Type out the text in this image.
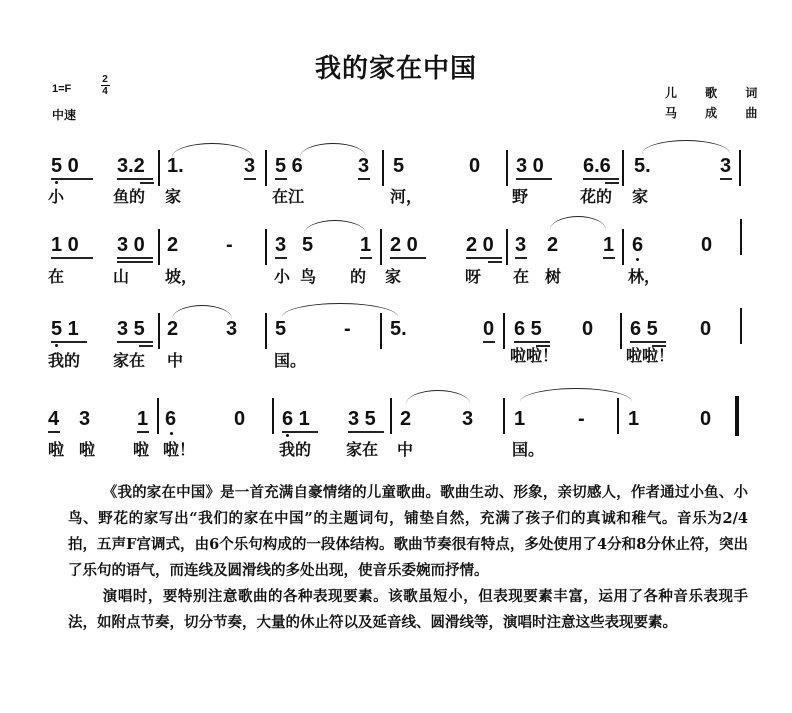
我的家在中国
1=F
2
4
中速
儿 歌 词
马 成 曲
5 0 3.2 1.	3 5 6	3 5	0 3 0 6.6 5.	3
小	鱼的 家	在江	河，	野	花的 家
1 0 3 0 2 - 3 5 1 2 0 2 0 3 2 1 6	0
在	山 坡，	小 鸟 的 家	呀 在 树	林，
5 1 3 5 2 3 5	- 5.	0 6 5 0 6 5 0
我的 家在 中	国。	啦啦！	啦啦！
4 3 1 6	0 6 1 3 5 2	3 1	- 1	0
啦 啦 啦 啦！	我的 家在 中	国。

《我的家在中国》是一首充满自豪情绪的儿童歌曲。歌曲生动、形象，亲切感人，作者通过小鱼、小鸟、野花的家写出“我们的家在中国”的主题词句，铺垫自然，充满了孩子们的真诚和稚气。音乐为2/4拍，五声F宫调式，由6个乐句构成的一段体结构。歌曲节奏很有特点，多处使用了4分和8分休止符，突出了乐句的语气，而连线及圆滑线的多处出现，使音乐委婉而抒情。

演唱时，要特别注意歌曲的各种表现要素。该歌虽短小，但表现要素丰富，运用了各种音乐表现手法，如附点节奏，切分节奏，大量的休止符以及延音线、圆滑线等，演唱时注意这些表现要素。
